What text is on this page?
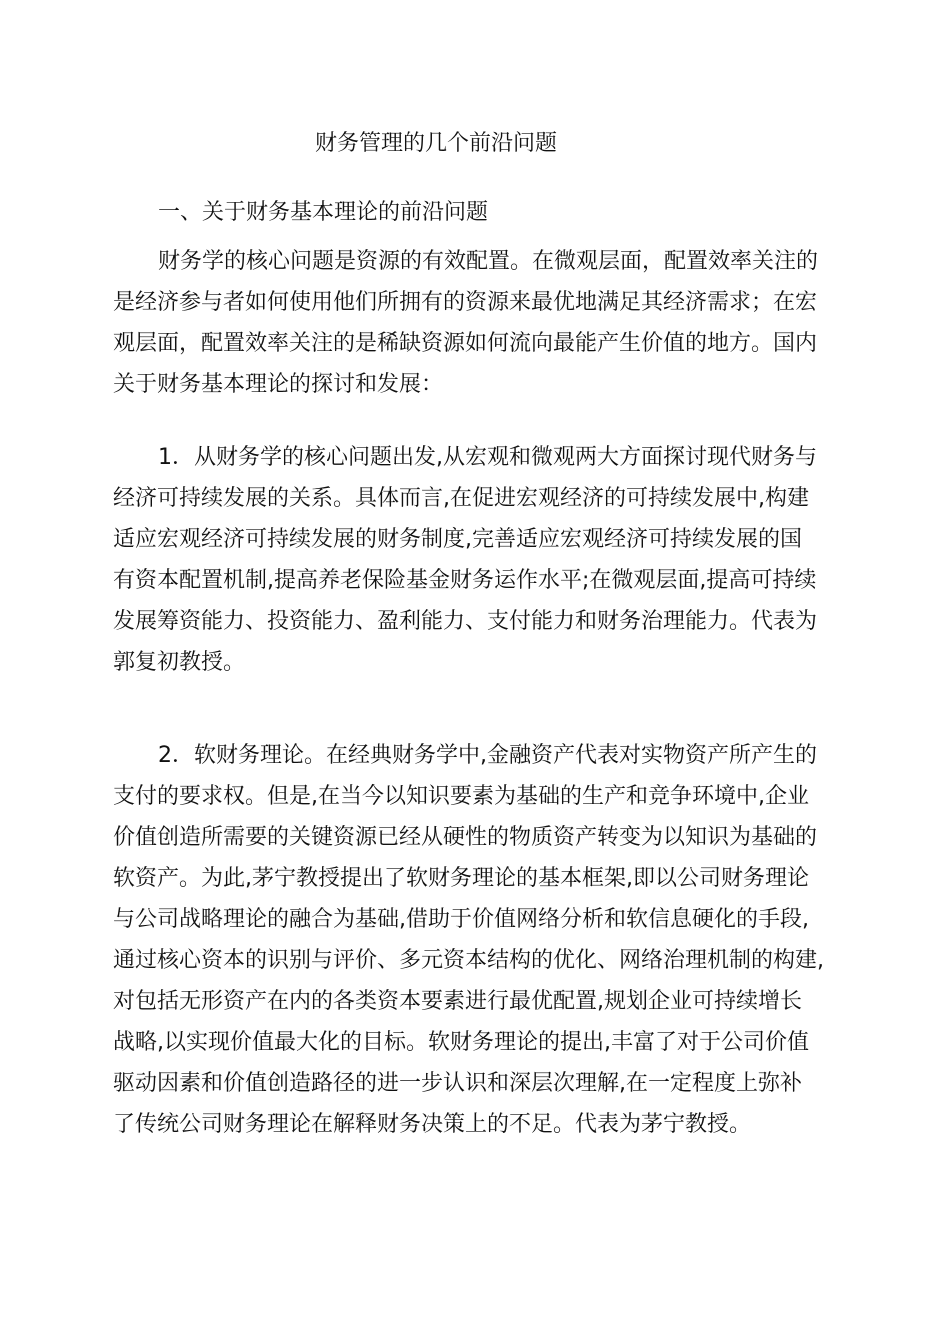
财务管理的几个前沿问题
一、关于财务基本理论的前沿问题
财务学的核心问题是资源的有效配置。在微观层面，配置效率关注的
是经济参与者如何使用他们所拥有的资源来最优地满足其经济需求；在宏
观层面，配置效率关注的是稀缺资源如何流向最能产生价值的地方。国内
关于财务基本理论的探讨和发展：
1．从财务学的核心问题出发,从宏观和微观两大方面探讨现代财务与
经济可持续发展的关系。具体而言,在促进宏观经济的可持续发展中,构建
适应宏观经济可持续发展的财务制度,完善适应宏观经济可持续发展的国
有资本配置机制,提高养老保险基金财务运作水平;在微观层面,提高可持续
发展筹资能力、投资能力、盈利能力、支付能力和财务治理能力。代表为
郭复初教授。
2．软财务理论。在经典财务学中,金融资产代表对实物资产所产生的
支付的要求权。但是,在当今以知识要素为基础的生产和竞争环境中,企业
价值创造所需要的关键资源已经从硬性的物质资产转变为以知识为基础的
软资产。为此,茅宁教授提出了软财务理论的基本框架,即以公司财务理论
与公司战略理论的融合为基础,借助于价值网络分析和软信息硬化的手段,
通过核心资本的识别与评价、多元资本结构的优化、网络治理机制的构建,
对包括无形资产在内的各类资本要素进行最优配置,规划企业可持续增长
战略,以实现价值最大化的目标。软财务理论的提出,丰富了对于公司价值
驱动因素和价值创造路径的进一步认识和深层次理解,在一定程度上弥补
了传统公司财务理论在解释财务决策上的不足。代表为茅宁教授。
